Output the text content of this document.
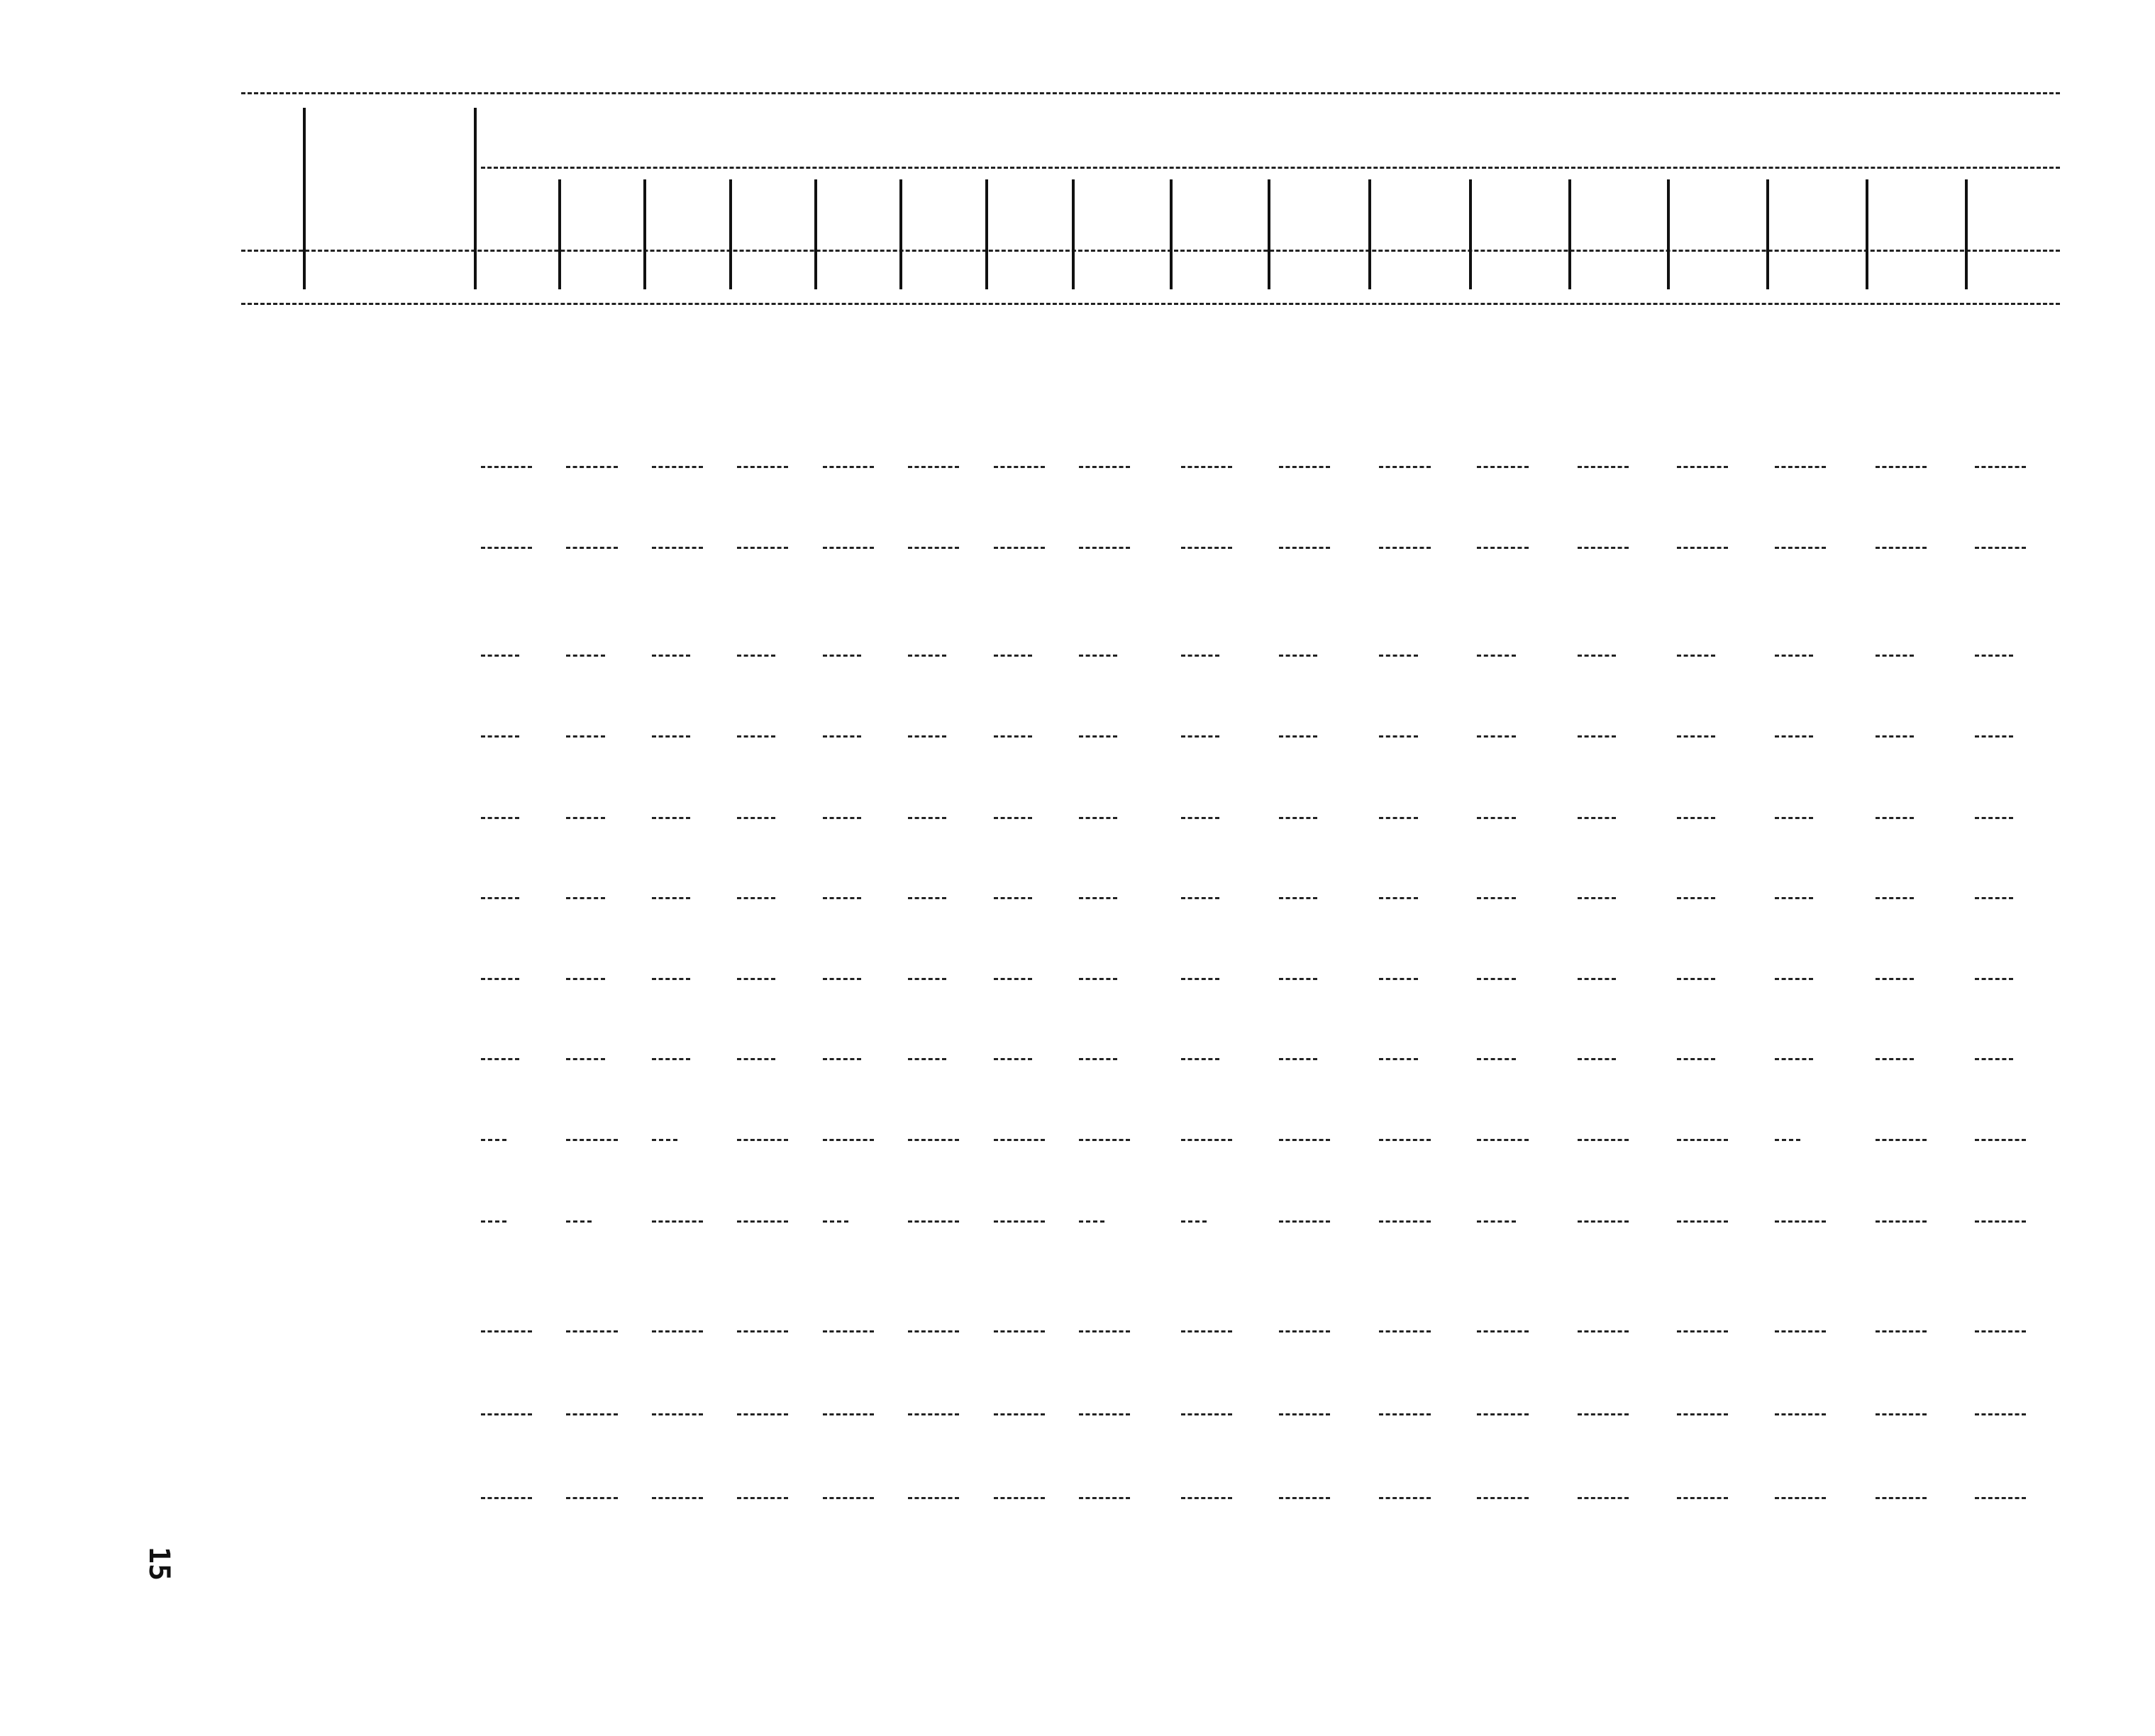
15
